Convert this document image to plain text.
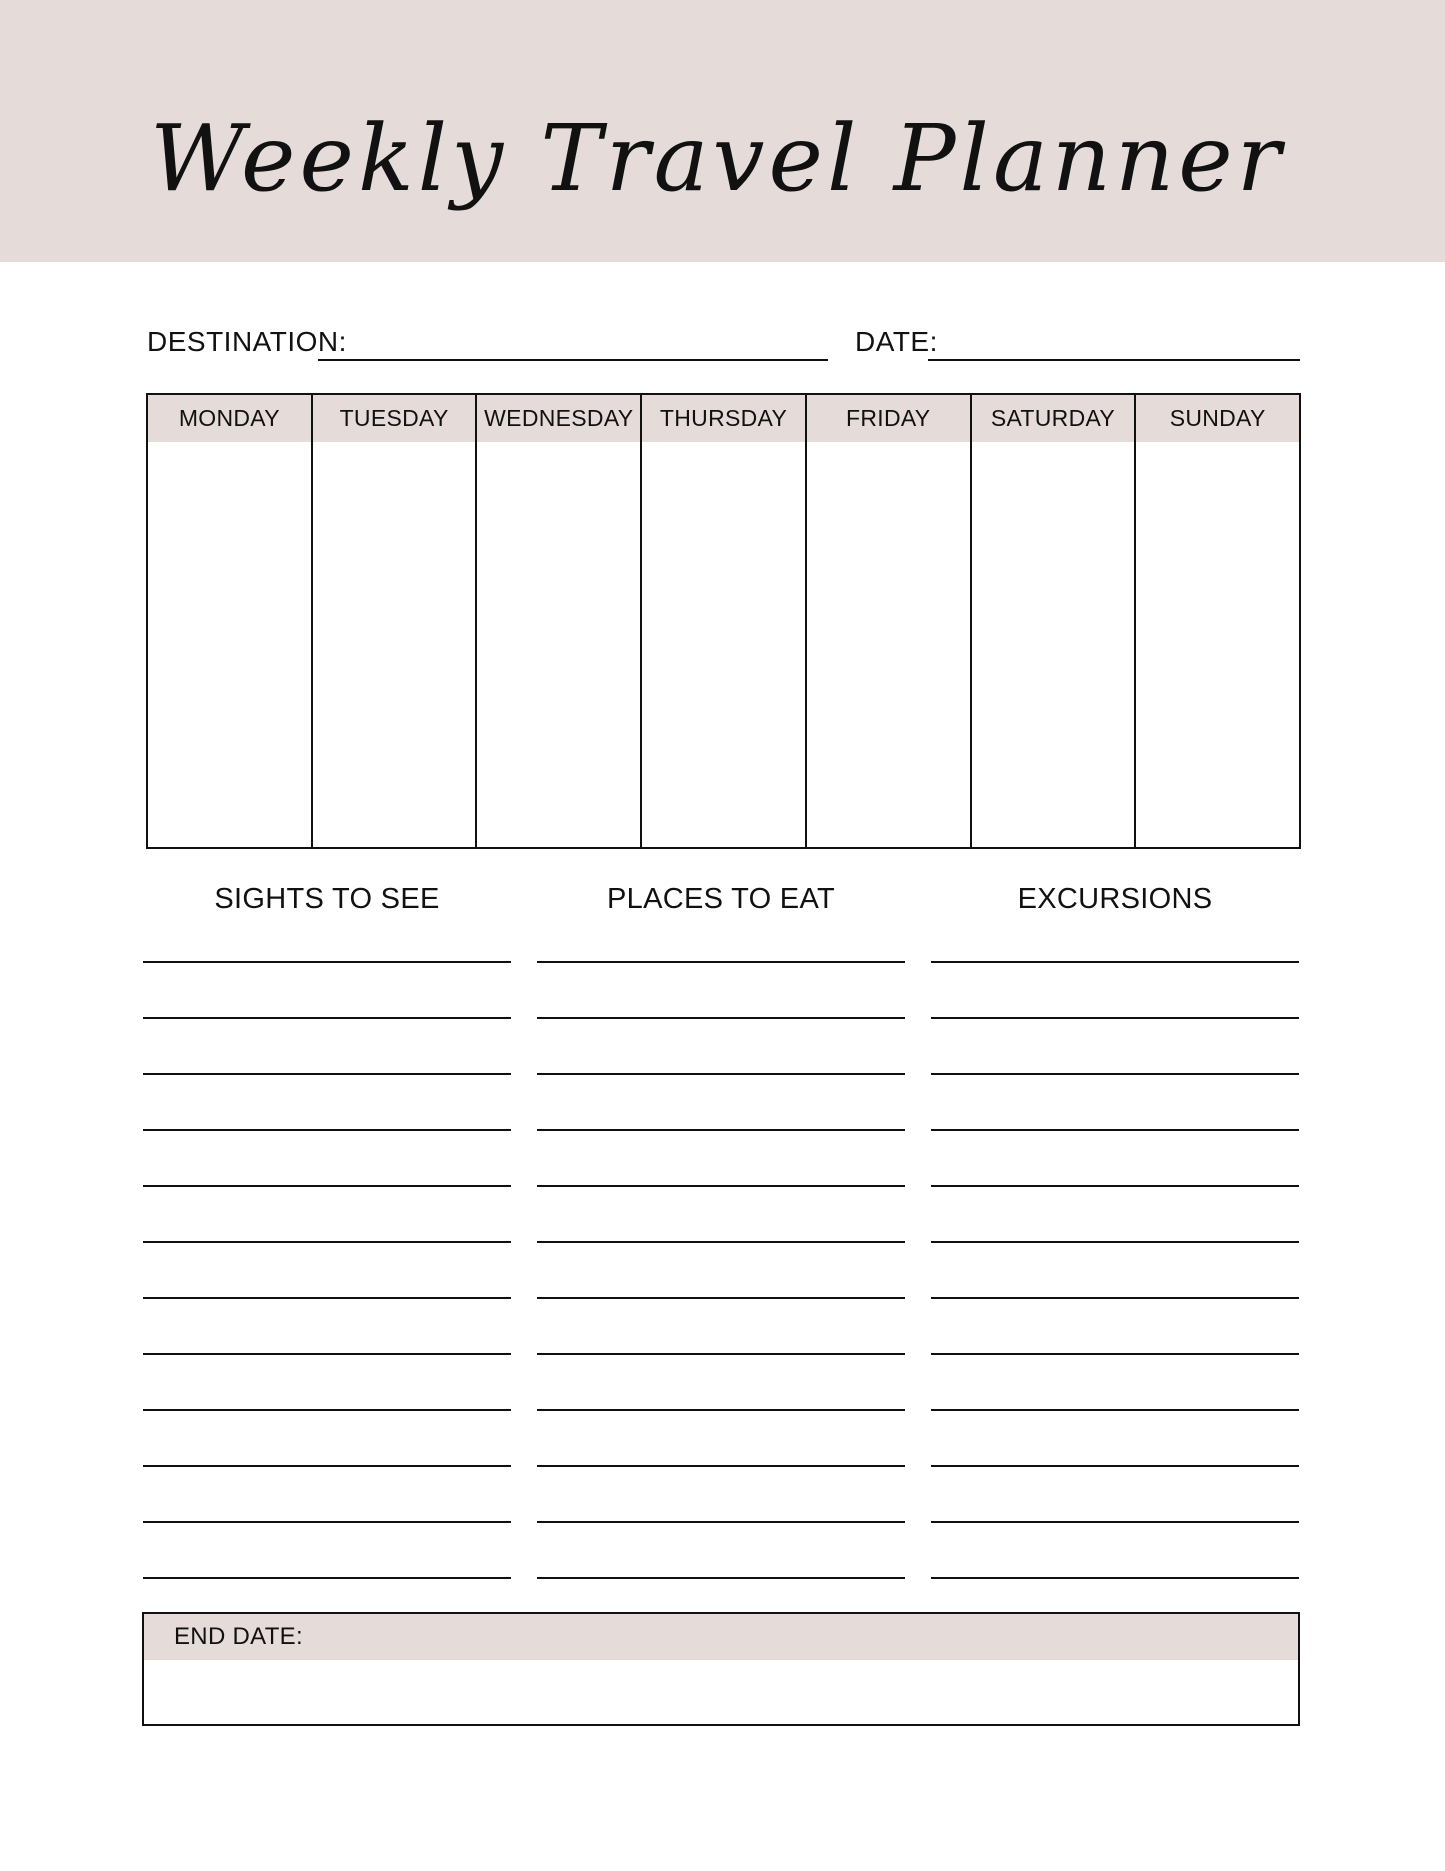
Weekly Travel Planner
DESTINATION:	DATE:
MONDAY	TUESDAY	WEDNESDAY	THURSDAY	FRIDAY	SATURDAY	SUNDAY
SIGHTS TO SEE	PLACES TO EAT	EXCURSIONS
END DATE:
